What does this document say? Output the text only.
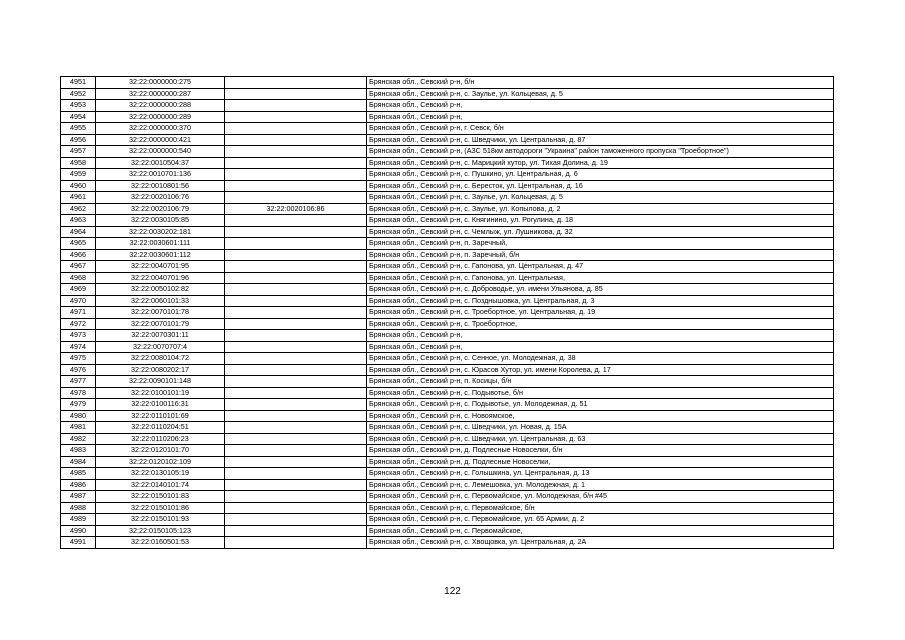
4951	32:22:0000000:275		Брянская обл., Севский р-н, б/н
4952	32:22:0000000:287		Брянская обл., Севский р-н, с. Заулье, ул. Кольцевая, д. 5
4953	32:22:0000000:288		Брянская обл., Севский р-н,
4954	32:22:0000000:289		Брянская обл., Севский р-н,
4955	32:22:0000000:370		Брянская обл., Севский р-н, г. Севск, б/н
4956	32:22:0000000:421		Брянская обл., Севский р-н, с. Шведчики, ул. Центральная, д. 87
4957	32:22:0000000:540		Брянская обл., Севский р-н, (АЗС 518км автодороги "Украина" район таможенного пропуска "Троебортное")
4958	32:22:0010504:37		Брянская обл., Севский р-н, с. Марицкий хутор, ул. Тихая Долина, д. 19
4959	32:22:0010701:136		Брянская обл., Севский р-н, с. Пушкино, ул. Центральная, д. 6
4960	32:22:0010801:56		Брянская обл., Севский р-н, с. Береcток, ул. Центральная, д. 16
4961	32:22:0020106:76		Брянская обл., Севский р-н, с. Заулье, ул. Кольцевая, д. 5
4962	32:22:0020106:79	32:22:0020106:86	Брянская обл., Севский р-н, с. Заулье, ул. Копылова, д. 2
4963	32:22:0030105:85		Брянская обл., Севский р-н, с. Княгинино, ул. Рогулина, д. 18
4964	32:22:0030202:181		Брянская обл., Севский р-н, с. Чемлыж, ул. Лушникова, д. 32
4965	32:22:0030601:111		Брянская обл., Севский р-н, п. Заречный,
4966	32:22:0030601:112		Брянская обл., Севский р-н, п. Заречный, б/н
4967	32:22:0040701:95		Брянская обл., Севский р-н, с. Гапонова, ул. Центральная, д. 47
4968	32:22:0040701:96		Брянская обл., Севский р-н, с. Гапонова, ул. Центральная,
4969	32:22:0050102:82		Брянская обл., Севский р-н, с. Доброводье, ул. имени Ульянова, д. 85
4970	32:22:0060101:33		Брянская обл., Севский р-н, с. Позднышовка, ул. Центральная, д. 3
4971	32:22:0070101:78		Брянская обл., Севский р-н, с. Троебортное, ул. Центральная, д. 19
4972	32:22:0070101:79		Брянская обл., Севский р-н, с. Троебортное,
4973	32:22:0070301:11		Брянская обл., Севский р-н,
4974	32:22:0070707:4		Брянская обл., Севский р-н,
4975	32:22:0080104:72		Брянская обл., Севский р-н, с. Сенное, ул. Молодежная, д. 38
4976	32:22:0080202:17		Брянская обл., Севский р-н, с. Юрасов Хутор, ул. имени Королева, д. 17
4977	32:22:0090101:148		Брянская обл., Севский р-н, п. Косицы, б/н
4978	32:22:0100101:19		Брянская обл., Севский р-н, с. Подывотье, б/н
4979	32:22:0100116:31		Брянская обл., Севский р-н, с. Подывотье, ул. Молодежная, д. 51
4980	32:22:0110101:69		Брянская обл., Севский р-н, с. Новоямское,
4981	32:22:0110204:51		Брянская обл., Севский р-н, с. Шведчики, ул. Новая, д. 15А
4982	32:22:0110206:23		Брянская обл., Севский р-н, с. Шведчики, ул. Центральная, д. 63
4983	32:22:0120101:70		Брянская обл., Севский р-н, д. Подлесные Новоселки, б/н
4984	32:22:0120102:109		Брянская обл., Севский р-н, д. Подлесные Новоселки,
4985	32:22:0130105:19		Брянская обл., Севский р-н, с. Голышкина, ул. Центральная, д. 13
4986	32:22:0140101:74		Брянская обл., Севский р-н, с. Лемешовка, ул. Молодежная, д. 1
4987	32:22:0150101:83		Брянская обл., Севский р-н, с. Первомайское, ул. Молодежная, б/н #45
4988	32:22:0150101:86		Брянская обл., Севский р-н, с. Первомайское, б/н
4989	32:22:0150101:93		Брянская обл., Севский р-н, с. Первомайское, ул. 65 Армии, д. 2
4990	32:22:0150105:123		Брянская обл., Севский р-н, с. Первомайское,
4991	32:22:0160501:53		Брянская обл., Севский р-н, с. Хвощовка, ул. Центральная, д. 2А
122
